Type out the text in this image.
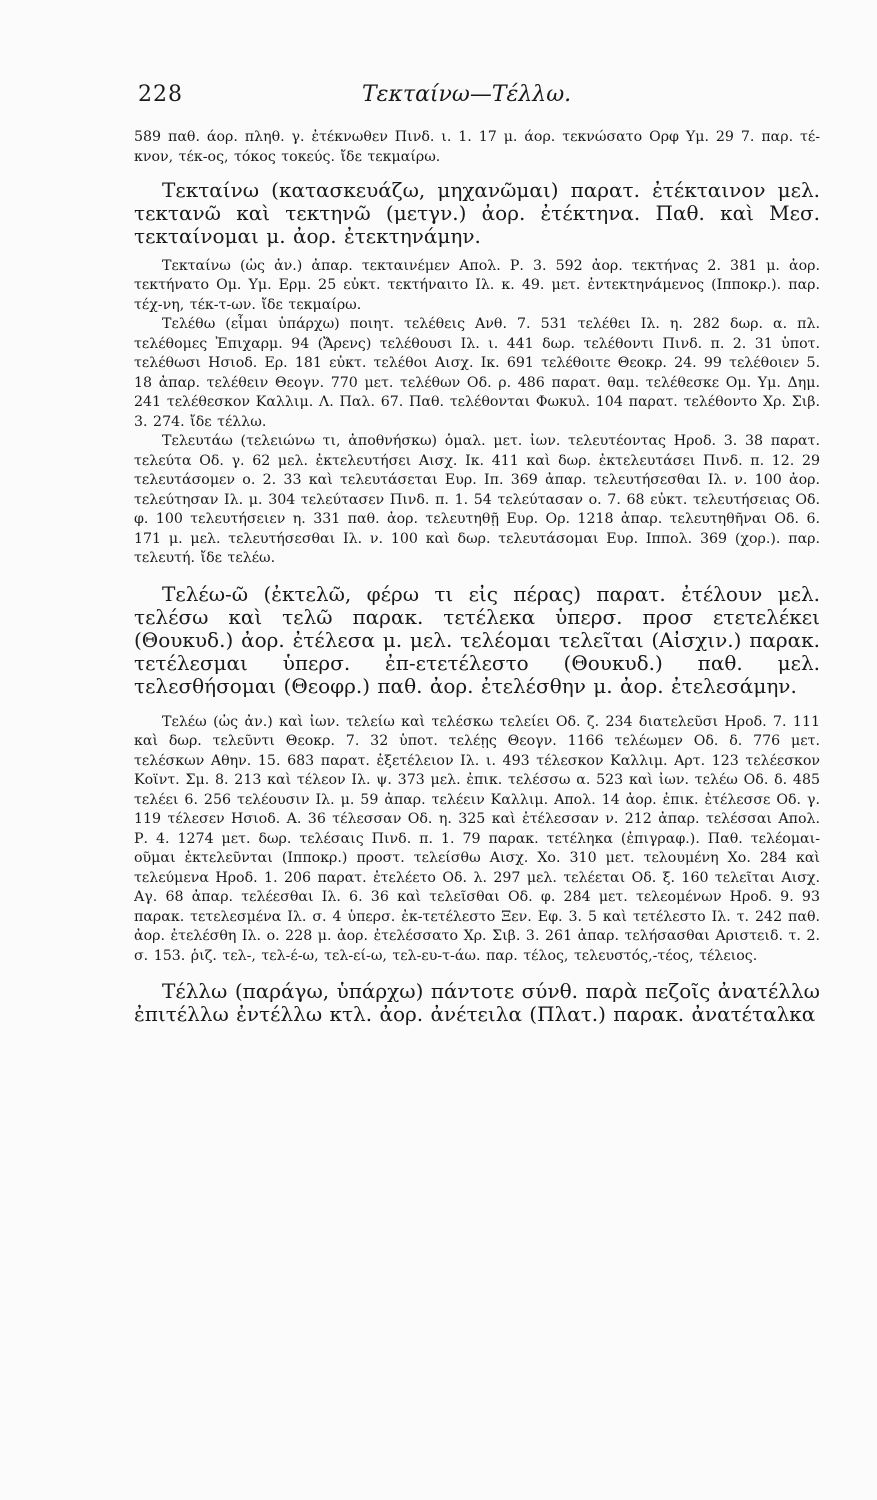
228	Τεκταίνω—Τέλλω.

589 παθ. άορ. πληθ. γ. ἐτέκνωθεν Πινδ. ι. 1. 17 μ. άορ. τεκνώσατο Ορφ Υμ. 29 7. παρ. τέ-κνον, τέκ-ος, τόκος τοκεύς. ἴδε τεκμαίρω.

Τεκταίνω (κατασκευάζω, μηχανῶμαι) παρατ. ἐτέκταινον μελ. τεκτανῶ καὶ τεκτηνῶ (μετγν.) ἀορ. ἐτέκτηνα. Παθ. καὶ Μεσ. τεκταίνομαι μ. ἀορ. ἐτεκτηνάμην.

Τεκταίνω (ὡς ἀν.) ἀπαρ. τεκταινέμεν Απολ. Ρ. 3. 592 ἀορ. τεκτήνας 2. 381 μ. ἀορ. τεκτήνατο Ομ. Υμ. Ερμ. 25 εὐκτ. τεκτήναιτο Ιλ. κ. 49. μετ. ἐντεκτηνάμενος (Ιπποκρ.). παρ. τέχ-νη, τέκ-τ-ων. ἴδε τεκμαίρω.

Τελέθω (εἶμαι ὑπάρχω) ποιητ. τελέθεις Ανθ. 7. 531 τελέθει Ιλ. η. 282 δωρ. α. πλ. τελέθομες Ἐπιχαρμ. 94 (Ἄρενς) τελέθουσι Ιλ. ι. 441 δωρ. τελέθοντι Πινδ. π. 2. 31 ὑποτ. τελέθωσι Ησιοδ. Ερ. 181 εὐκτ. τελέθοι Αισχ. Ικ. 691 τελέθοιτε Θεοκρ. 24. 99 τελέθοιεν 5. 18 ἀπαρ. τελέθειν Θεογν. 770 μετ. τελέθων Οδ. ρ. 486 παρατ. θαμ. τελέθεσκε Ομ. Υμ. Δημ. 241 τελέθεσκον Καλλιμ. Λ. Παλ. 67. Παθ. τελέθονται Φωκυλ. 104 παρατ. τελέθοντο Χρ. Σιβ. 3. 274. ἴδε τέλλω.

Τελευτάω (τελειώνω τι, ἀποθνήσκω) ὁμαλ. μετ. ἰων. τελευτέοντας Ηροδ. 3. 38 παρατ. τελεύτα Οδ. γ. 62 μελ. ἐκτελευτήσει Αισχ. Ικ. 411 καὶ δωρ. ἐκτελευτάσει Πινδ. π. 12. 29 τελευτάσομεν ο. 2. 33 καὶ τελευτάσεται Ευρ. Ιπ. 369 ἀπαρ. τελευτήσεσθαι Ιλ. ν. 100 ἀορ. τελεύτησαν Ιλ. μ. 304 τελεύτασεν Πινδ. π. 1. 54 τελεύτασαν ο. 7. 68 εὐκτ. τελευτήσειας Οδ. φ. 100 τελευτήσειεν η. 331 παθ. ἀορ. τελευτηθῇ Ευρ. Ορ. 1218 ἀπαρ. τελευτηθῆναι Οδ. 6. 171 μ. μελ. τελευτήσεσθαι Ιλ. ν. 100 καὶ δωρ. τελευτάσομαι Ευρ. Ιππολ. 369 (χορ.). παρ. τελευτή. ἴδε τελέω.

Τελέω-ῶ (ἐκτελῶ, φέρω τι εἰς πέρας) παρατ. ἐτέλουν μελ. τελέσω καὶ τελῶ παρακ. τετέλεκα ὑπερσ. προσ ετετελέκει (Θουκυδ.) ἀορ. ἐτέλεσα μ. μελ. τελέομαι τελεῖται (Αἰσχιν.) παρακ. τετέλεσμαι ὑπερσ. ἐπ-ετετέλεστο (Θουκυδ.) παθ. μελ. τελεσθήσομαι (Θεοφρ.) παθ. ἀορ. ἐτελέσθην μ. ἀορ. ἐτελεσάμην.

Τελέω (ὡς ἀν.) καὶ ἰων. τελείω καὶ τελέσκω τελείει Οδ. ζ. 234 διατελεῦσι Ηροδ. 7. 111 καὶ δωρ. τελεῦντι Θεοκρ. 7. 32 ὑποτ. τελέῃς Θεογν. 1166 τελέωμεν Οδ. δ. 776 μετ. τελέσκων Αθην. 15. 683 παρατ. ἐξετέλειον Ιλ. ι. 493 τέλεσκον Καλλιμ. Αρτ. 123 τελέεσκον Κοϊντ. Σμ. 8. 213 καὶ τέλεον Ιλ. ψ. 373 μελ. ἐπικ. τελέσσω α. 523 καὶ ἰων. τελέω Οδ. δ. 485 τελέει 6. 256 τελέουσιν Ιλ. μ. 59 ἀπαρ. τελέειν Καλλιμ. Απολ. 14 ἀορ. ἐπικ. ἐτέλεσσε Οδ. γ. 119 τέλεσεν Ησιοδ. Α. 36 τέλεσσαν Οδ. η. 325 καὶ ἐτέλεσσαν ν. 212 ἀπαρ. τελέσσαι Απολ. Ρ. 4. 1274 μετ. δωρ. τελέσαις Πινδ. π. 1. 79 παρακ. τετέληκα (ἐπιγραφ.). Παθ. τελέομαι-οῦμαι ἐκτελεῦνται (Ιπποκρ.) προστ. τελείσθω Αισχ. Χο. 310 μετ. τελουμένη Χο. 284 καὶ τελεύμενα Ηροδ. 1. 206 παρατ. ἐτελέετο Οδ. λ. 297 μελ. τελέεται Οδ. ξ. 160 τελεῖται Αισχ. Αγ. 68 ἀπαρ. τελέεσθαι Ιλ. 6. 36 καὶ τελεῖσθαι Οδ. φ. 284 μετ. τελεομένων Ηροδ. 9. 93 παρακ. τετελεσμένα Ιλ. σ. 4 ὑπερσ. ἐκ-τετέλεστο Ξεν. Εφ. 3. 5 καὶ τετέλεστο Ιλ. τ. 242 παθ. ἀορ. ἐτελέσθη Ιλ. ο. 228 μ. ἀορ. ἐτελέσσατο Χρ. Σιβ. 3. 261 ἀπαρ. τελήσασθαι Αριστειδ. τ. 2. σ. 153. ῥιζ. τελ-, τελ-έ-ω, τελ-εί-ω, τελ-ευ-τ-άω. παρ. τέλος, τελευστός,-τέος, τέλειος.

Τέλλω (παράγω, ὑπάρχω) πάντοτε σύνθ. παρὰ πεζοῖς ἀνατέλλω ἐπιτέλλω ἐντέλλω κτλ. ἀορ. ἀνέτειλα (Πλατ.) παρακ. ἀνατέταλκα
